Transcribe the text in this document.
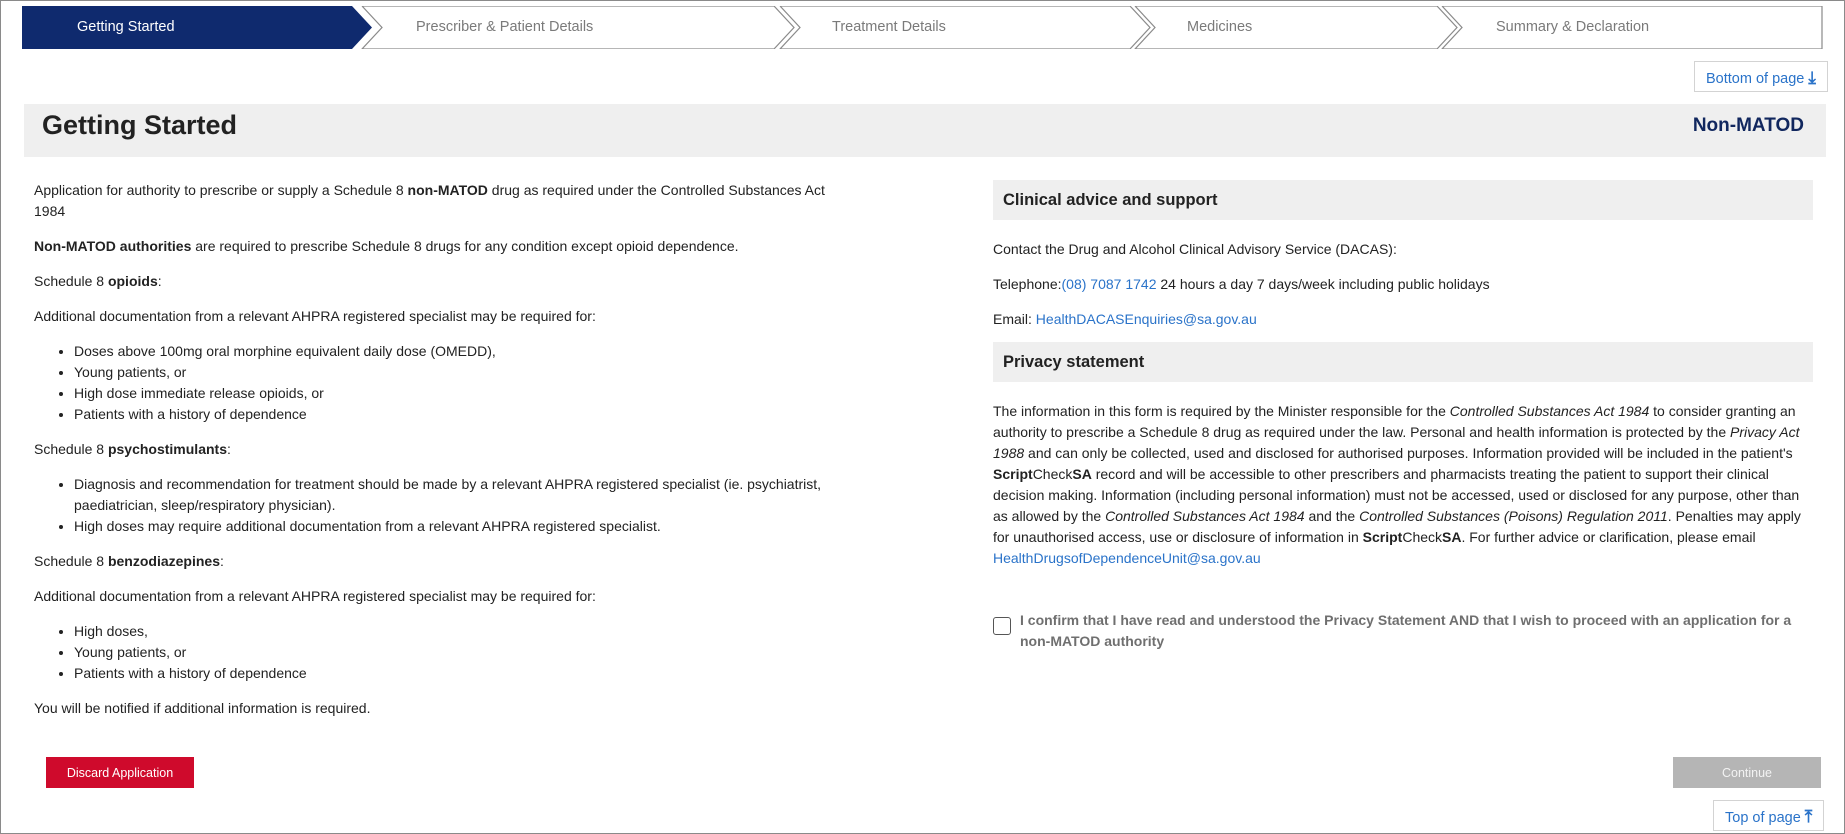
Getting Started	Prescriber & Patient Details	Treatment Details	Medicines	Summary & Declaration
Bottom of page ⤓
Getting Started	Non-MATOD

Application for authority to prescribe or supply a Schedule 8 non-MATOD drug as required under the Controlled Substances Act 1984

Non-MATOD authorities are required to prescribe Schedule 8 drugs for any condition except opioid dependence.

Schedule 8 opioids:

Additional documentation from a relevant AHPRA registered specialist may be required for:

• Doses above 100mg oral morphine equivalent daily dose (OMEDD),
• Young patients, or
• High dose immediate release opioids, or
• Patients with a history of dependence

Schedule 8 psychostimulants:

• Diagnosis and recommendation for treatment should be made by a relevant AHPRA registered specialist (ie. psychiatrist, paediatrician, sleep/respiratory physician).
• High doses may require additional documentation from a relevant AHPRA registered specialist.

Schedule 8 benzodiazepines:

Additional documentation from a relevant AHPRA registered specialist may be required for:

• High doses,
• Young patients, or
• Patients with a history of dependence

You will be notified if additional information is required.

Clinical advice and support

Contact the Drug and Alcohol Clinical Advisory Service (DACAS):

Telephone:(08) 7087 1742 24 hours a day 7 days/week including public holidays

Email: HealthDACASEnquiries@sa.gov.au

Privacy statement

The information in this form is required by the Minister responsible for the Controlled Substances Act 1984 to consider granting an authority to prescribe a Schedule 8 drug as required under the law. Personal and health information is protected by the Privacy Act 1988 and can only be collected, used and disclosed for authorised purposes. Information provided will be included in the patient's ScriptCheckSA record and will be accessible to other prescribers and pharmacists treating the patient to support their clinical decision making. Information (including personal information) must not be accessed, used or disclosed for any purpose, other than as allowed by the Controlled Substances Act 1984 and the Controlled Substances (Poisons) Regulation 2011. Penalties may apply for unauthorised access, use or disclosure of information in ScriptCheckSA. For further advice or clarification, please email HealthDrugsofDependenceUnit@sa.gov.au

I confirm that I have read and understood the Privacy Statement AND that I wish to proceed with an application for a non-MATOD authority
Discard Application	Continue
Top of page ⤒
